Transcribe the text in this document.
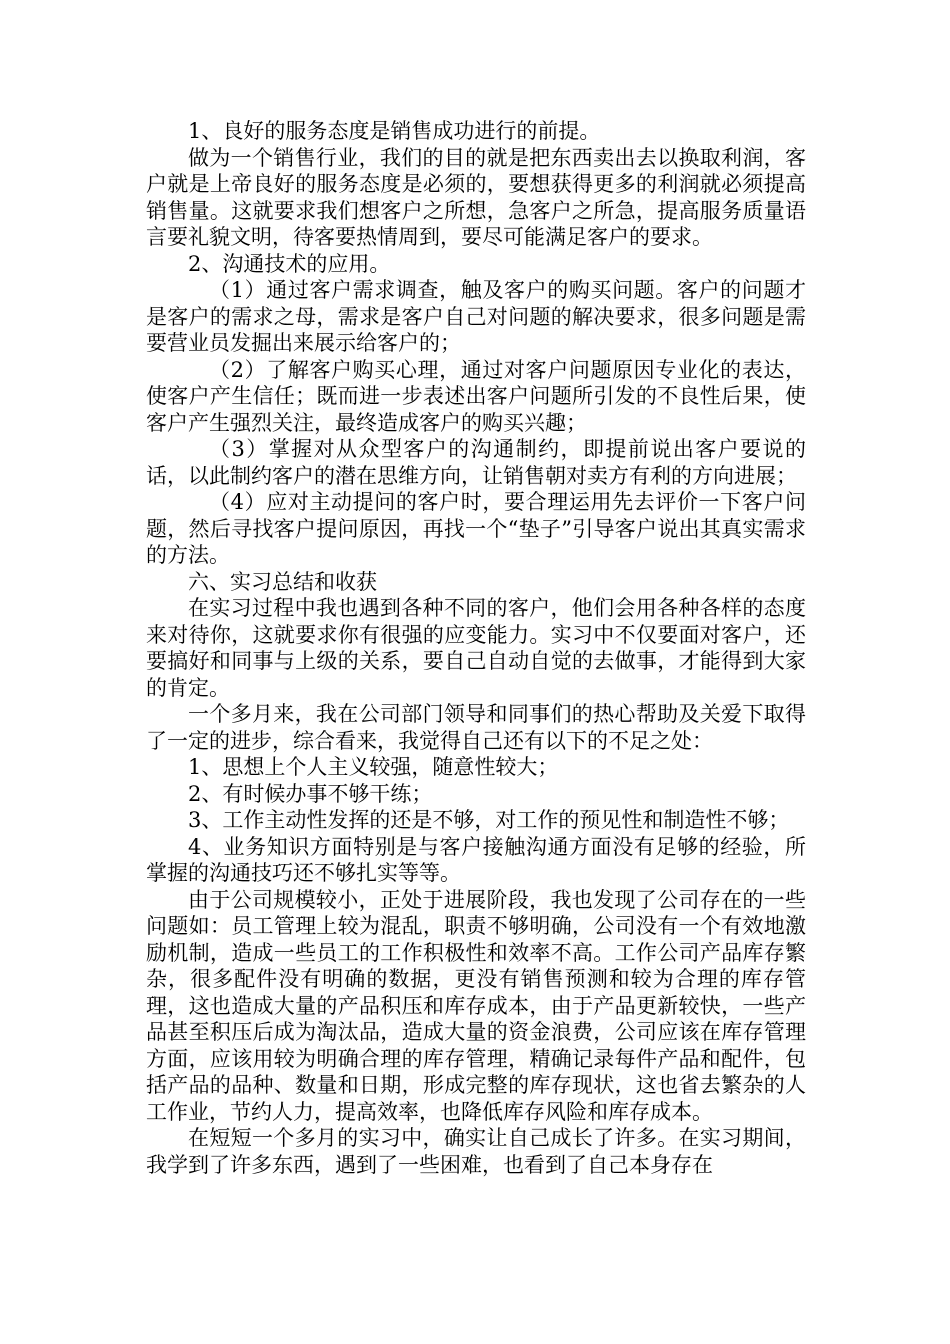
1、良好的服务态度是销售成功进行的前提。

做为一个销售行业，我们的目的就是把东西卖出去以换取利润，客户就是上帝良好的服务态度是必须的，要想获得更多的利润就必须提高销售量。这就要求我们想客户之所想，急客户之所急，提高服务质量语言要礼貌文明，待客要热情周到，要尽可能满足客户的要求。

2、沟通技术的应用。

（1）通过客户需求调查，触及客户的购买问题。客户的问题才是客户的需求之母，需求是客户自己对问题的解决要求，很多问题是需要营业员发掘出来展示给客户的；

（2）了解客户购买心理，通过对客户问题原因专业化的表达，使客户产生信任；既而进一步表述出客户问题所引发的不良性后果，使客户产生强烈关注，最终造成客户的购买兴趣；

（3）掌握对从众型客户的沟通制约，即提前说出客户要说的话，以此制约客户的潜在思维方向，让销售朝对卖方有利的方向进展；

（4）应对主动提问的客户时，要合理运用先去评价一下客户问题，然后寻找客户提问原因，再找一个“垫子”引导客户说出其真实需求的方法。

六、实习总结和收获

在实习过程中我也遇到各种不同的客户，他们会用各种各样的态度来对待你，这就要求你有很强的应变能力。实习中不仅要面对客户，还要搞好和同事与上级的关系，要自己自动自觉的去做事，才能得到大家的肯定。

一个多月来，我在公司部门领导和同事们的热心帮助及关爱下取得了一定的进步，综合看来，我觉得自己还有以下的不足之处：

1、思想上个人主义较强，随意性较大；

2、有时候办事不够干练；

3、工作主动性发挥的还是不够，对工作的预见性和制造性不够；

4、业务知识方面特别是与客户接触沟通方面没有足够的经验，所掌握的沟通技巧还不够扎实等等。

由于公司规模较小，正处于进展阶段，我也发现了公司存在的一些问题如：员工管理上较为混乱，职责不够明确，公司没有一个有效地激励机制，造成一些员工的工作积极性和效率不高。工作公司产品库存繁杂，很多配件没有明确的数据，更没有销售预测和较为合理的库存管理，这也造成大量的产品积压和库存成本，由于产品更新较快，一些产品甚至积压后成为淘汰品，造成大量的资金浪费，公司应该在库存管理方面，应该用较为明确合理的库存管理，精确记录每件产品和配件，包括产品的品种、数量和日期，形成完整的库存现状，这也省去繁杂的人工作业，节约人力，提高效率，也降低库存风险和库存成本。

在短短一个多月的实习中，确实让自己成长了许多。在实习期间，我学到了许多东西，遇到了一些困难，也看到了自己本身存在
